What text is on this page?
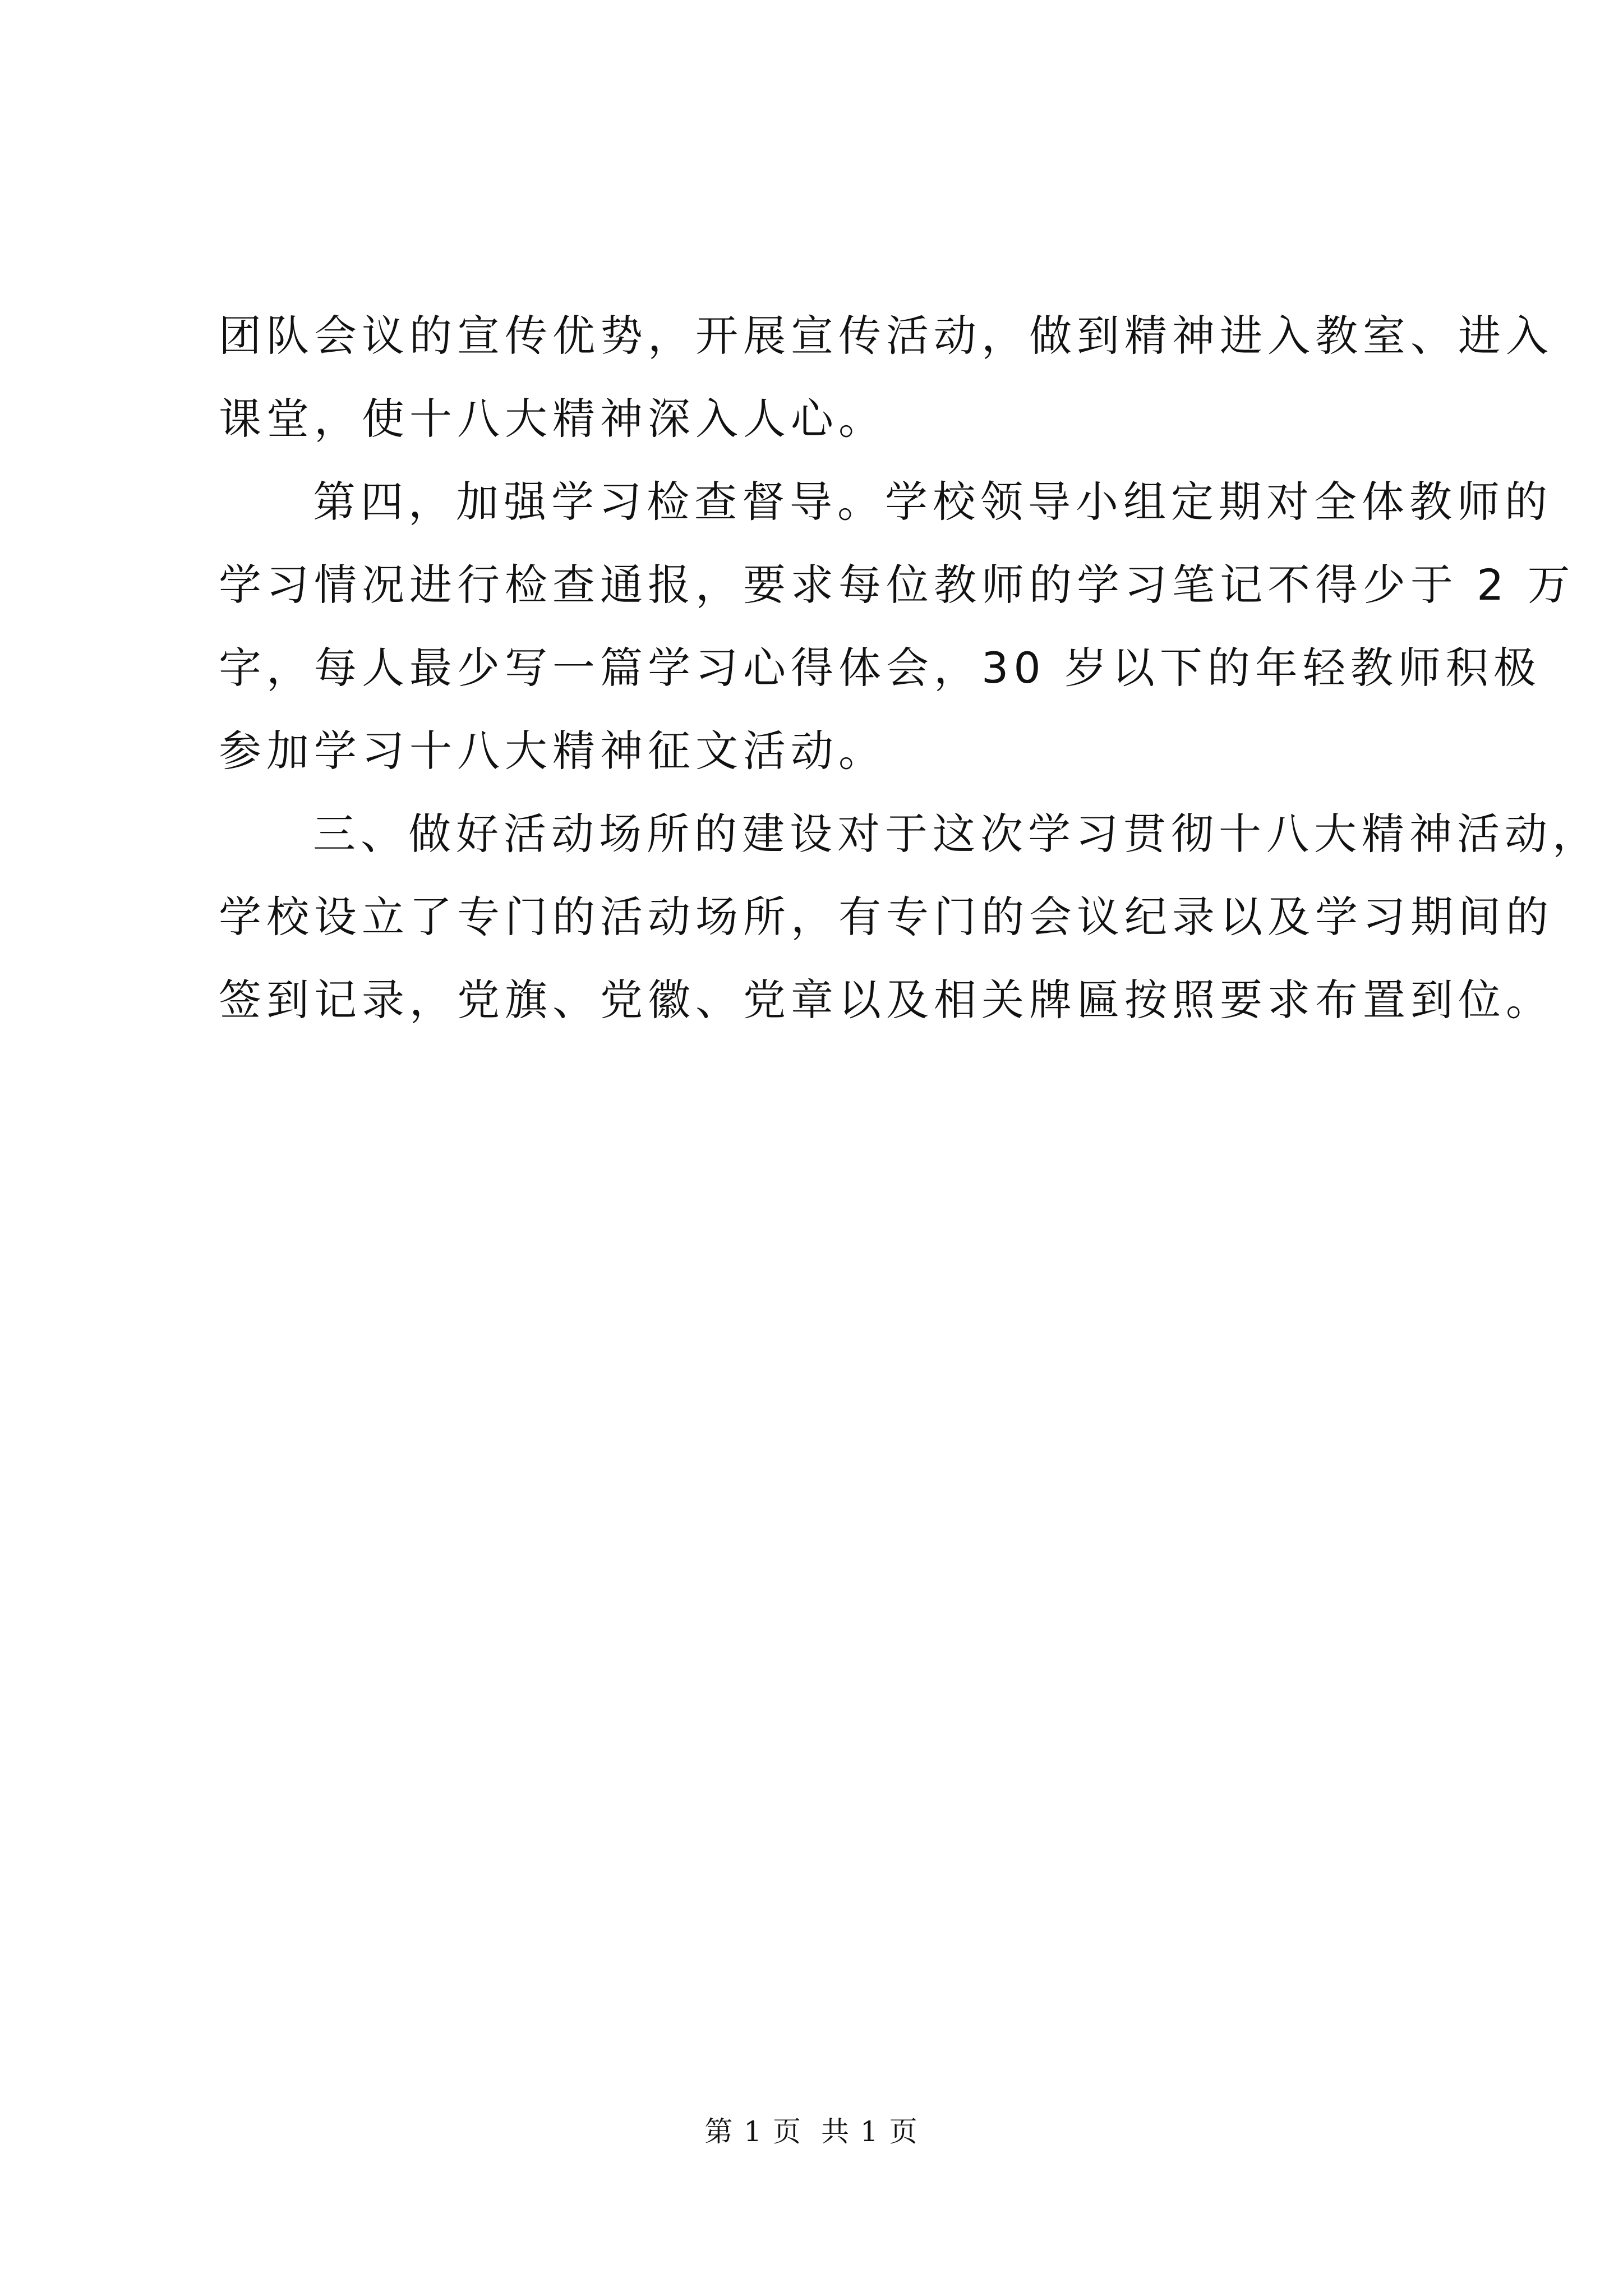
团队会议的宣传优势，开展宣传活动，做到精神进入教室、进入
课堂，使十八大精神深入人心。
第四，加强学习检查督导。学校领导小组定期对全体教师的
学习情况进行检查通报，要求每位教师的学习笔记不得少于 2 万
字，每人最少写一篇学习心得体会，30 岁以下的年轻教师积极
参加学习十八大精神征文活动。
三、做好活动场所的建设对于这次学习贯彻十八大精神活动，
学校设立了专门的活动场所，有专门的会议纪录以及学习期间的
签到记录，党旗、党徽、党章以及相关牌匾按照要求布置到位。
第 1 页 共 1 页
